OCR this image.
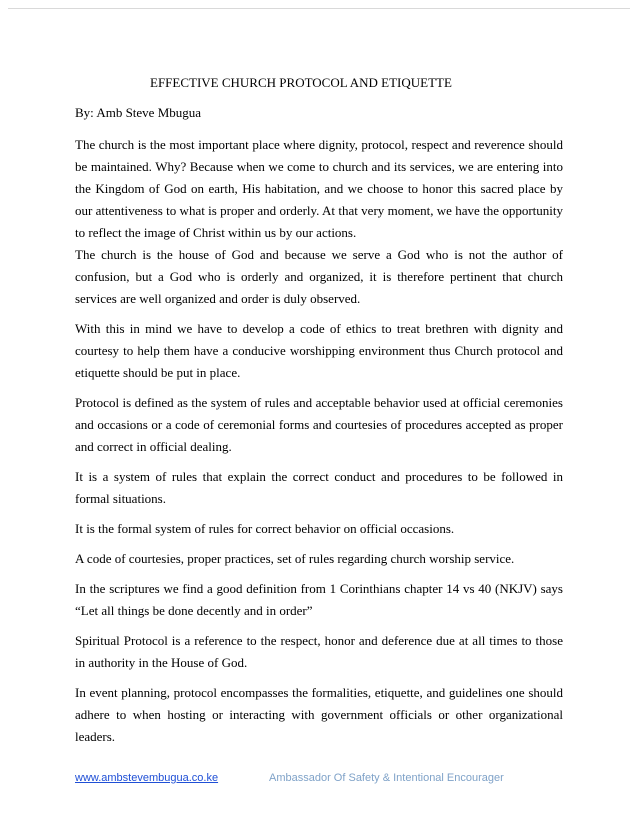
EFFECTIVE CHURCH PROTOCOL AND ETIQUETTE

By: Amb Steve Mbugua

The church is the most important place where dignity, protocol, respect and reverence should be maintained. Why? Because when we come to church and its services, we are entering into the Kingdom of God on earth, His habitation, and we choose to honor this sacred place by our attentiveness to what is proper and orderly. At that very moment, we have the opportunity to reflect the image of Christ within us by our actions.

The church is the house of God and because we serve a God who is not the author of confusion, but a God who is orderly and organized, it is therefore pertinent that church services are well organized and order is duly observed.

With this in mind we have to develop a code of ethics to treat brethren with dignity and courtesy to help them have a conducive worshipping environment thus Church protocol and etiquette should be put in place.

Protocol is defined as the system of rules and acceptable behavior used at official ceremonies and occasions or a code of ceremonial forms and courtesies of procedures accepted as proper and correct in official dealing.

It is a system of rules that explain the correct conduct and procedures to be followed in formal situations.

It is the formal system of rules for correct behavior on official occasions.

A code of courtesies, proper practices, set of rules regarding church worship service.

In the scriptures we find a good definition from 1 Corinthians chapter 14 vs 40 (NKJV) says “Let all things be done decently and in order”

Spiritual Protocol is a reference to the respect, honor and deference due at all times to those in authority in the House of God.

In event planning, protocol encompasses the formalities, etiquette, and guidelines one should adhere to when hosting or interacting with government officials or other organizational leaders.

www.ambstevembugua.co.ke	Ambassador Of Safety & Intentional Encourager
